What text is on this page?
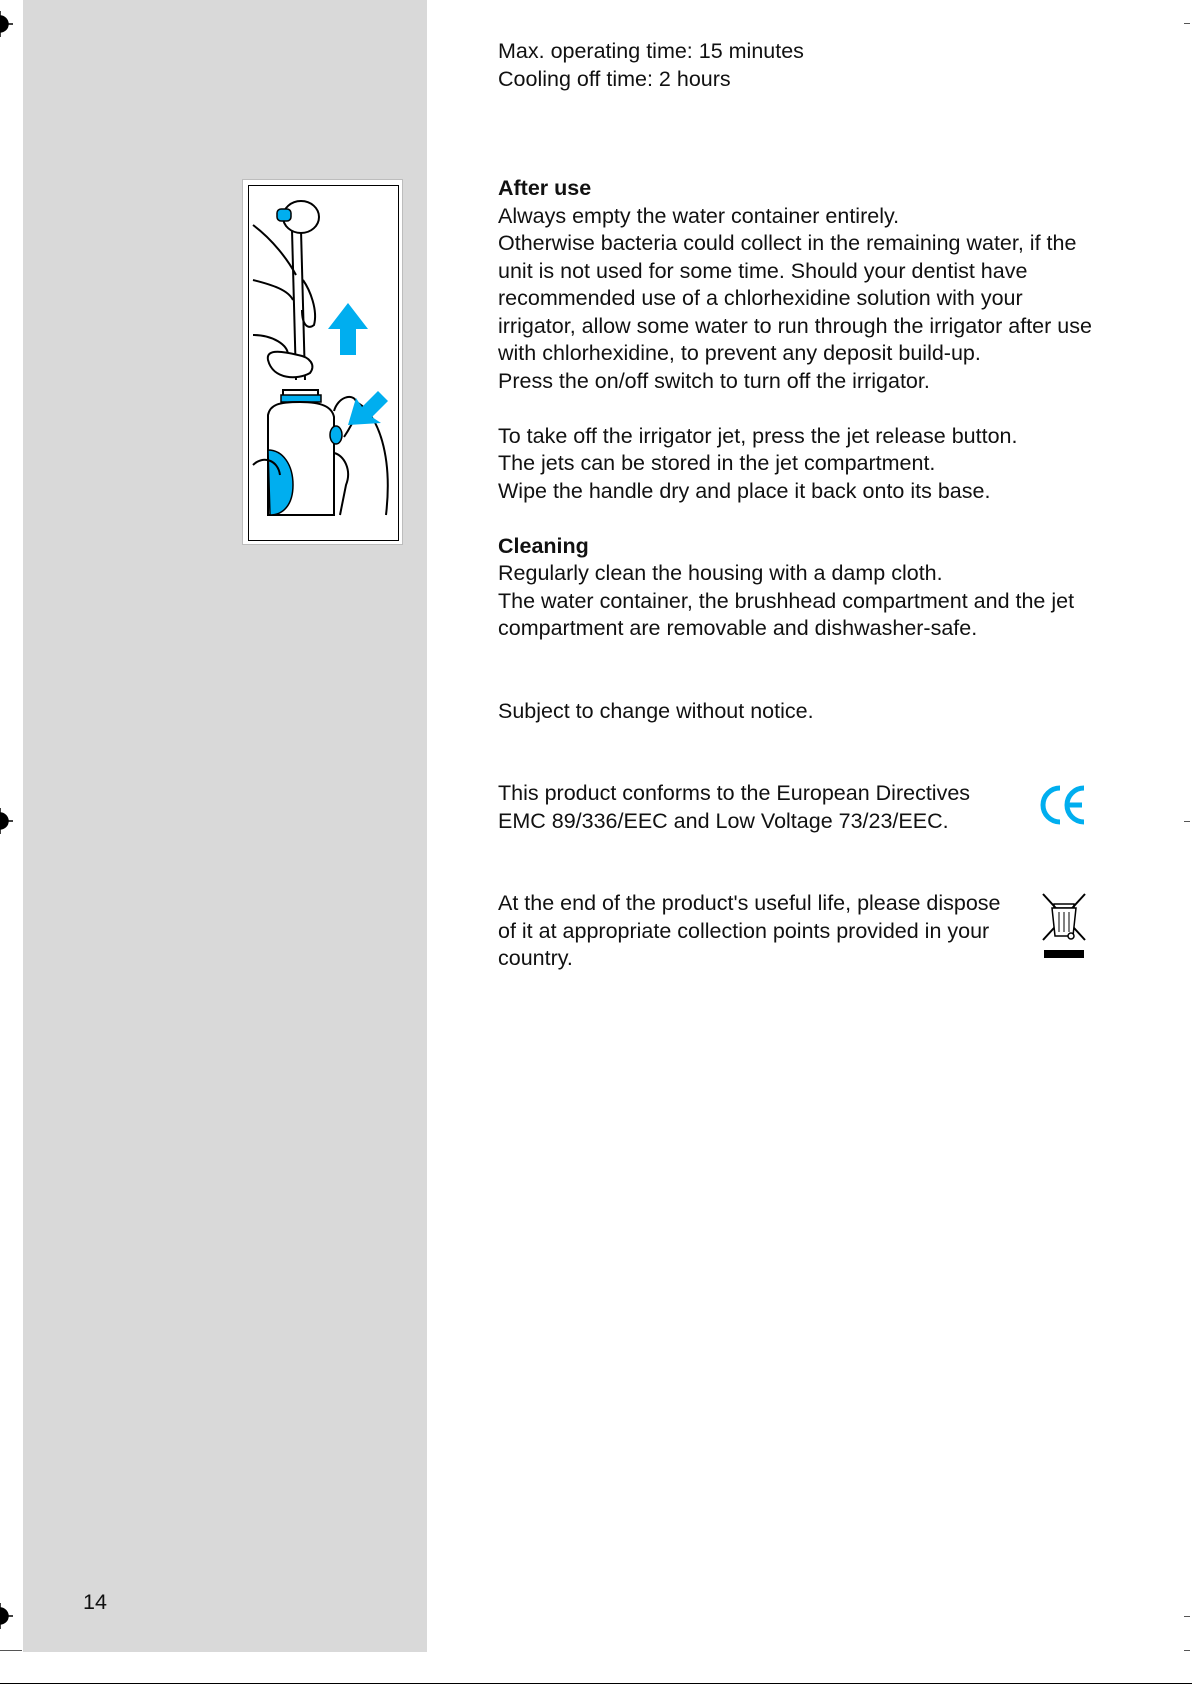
Max. operating time: 15 minutes
Cooling off time: 2 hours

After use

Always empty the water container entirely.
Otherwise bacteria could collect in the remaining water, if the unit is not used for some time. Should your dentist have recommended use of a chlorhexidine solution with your irrigator, allow some water to run through the irrigator after use with chlorhexidine, to prevent any deposit build-up.
Press the on/off switch to turn off the irrigator.

To take off the irrigator jet, press the jet release button.
The jets can be stored in the jet compartment.
Wipe the handle dry and place it back onto its base.

Cleaning

Regularly clean the housing with a damp cloth.
The water container, the brushhead compartment and the jet compartment are removable and dishwasher-safe.

Subject to change without notice.

This product conforms to the European Directives
EMC 89/336/EEC and Low Voltage 73/23/EEC.

At the end of the product's useful life, please dispose of it at appropriate collection points provided in your country.

14
